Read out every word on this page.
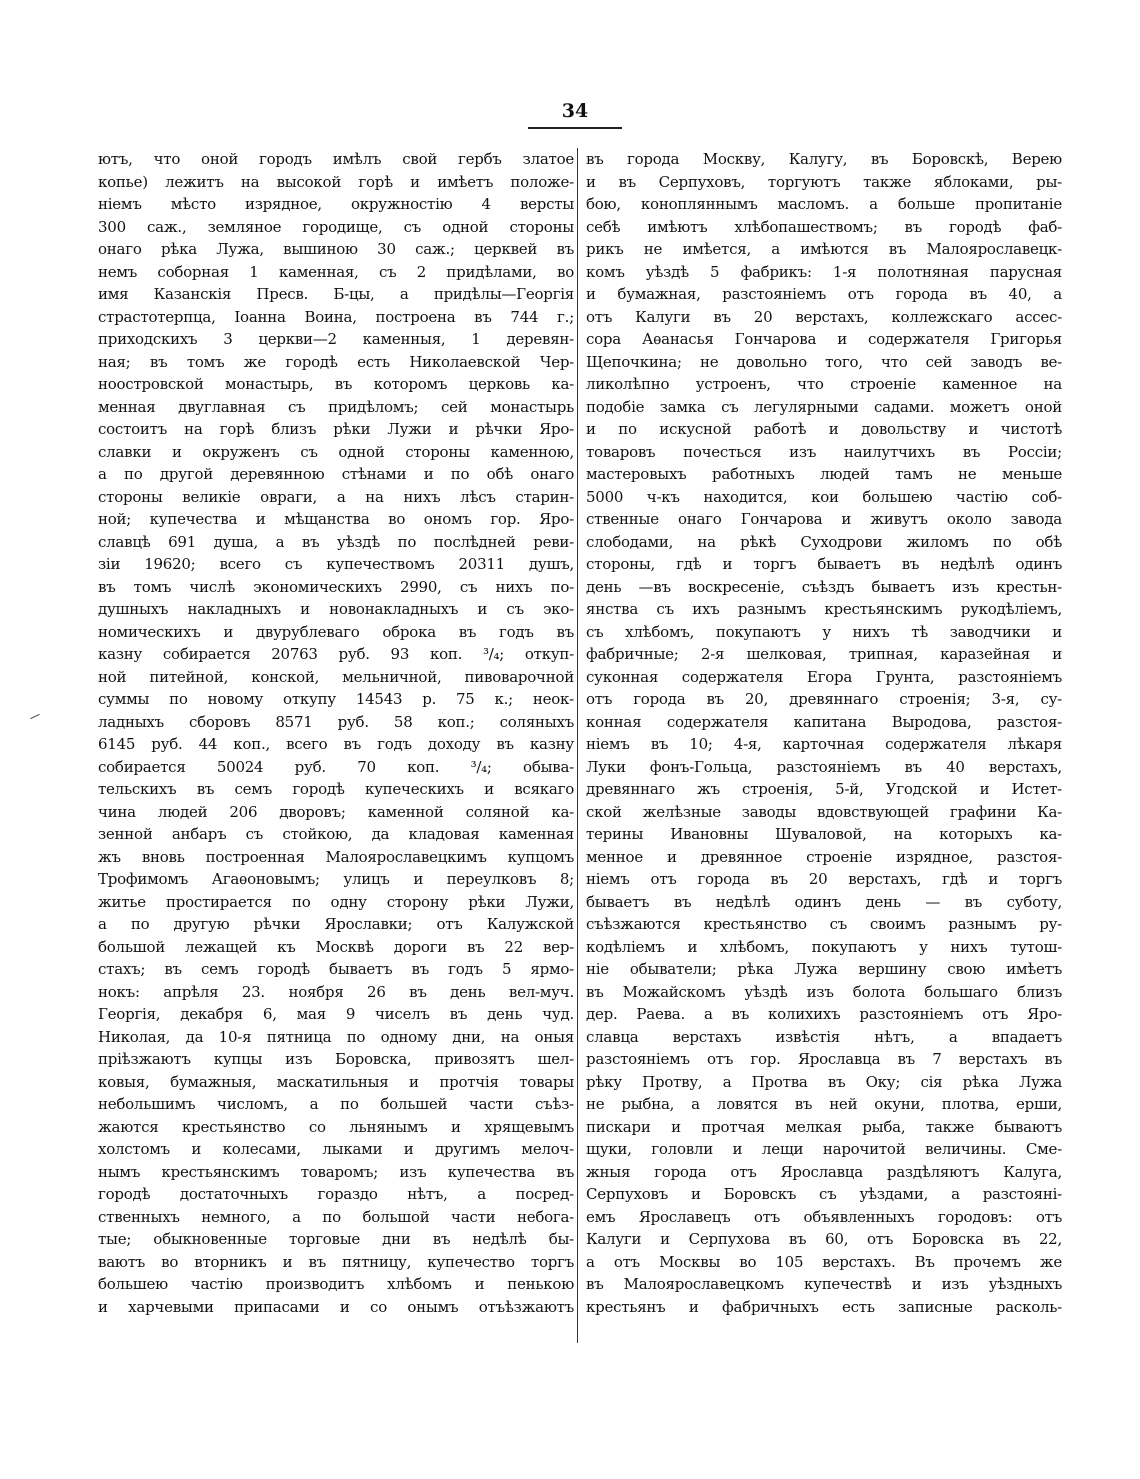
34
ютъ, что оной городъ имѣлъ свой гербъ златое
копье) лежитъ на высокой горѣ и имѣетъ положе-
ніемъ мѣсто изрядное, окружностію 4 версты
300 саж., земляное городище, съ одной стороны
онаго рѣка Лужа, вышиною 30 саж.; церквей въ
немъ соборная 1 каменная, съ 2 придѣлами, во
имя Казанскія Пресв. Б-цы, а придѣлы—Георгія
страстотерпца, Іоанна Воина, построена въ 744 г.;
приходскихъ 3 церкви—2 каменныя, 1 деревян-
ная; въ томъ же городѣ есть Николаевской Чер-
ноостровской монастырь, въ которомъ церковь ка-
менная двуглавная съ придѣломъ; сей монастырь
состоитъ на горѣ близъ рѣки Лужи и рѣчки Яро-
славки и окруженъ съ одной стороны каменною,
а по другой деревянною стѣнами и по обѣ онаго
стороны великіе овраги, а на нихъ лѣсъ старин-
ной; купечества и мѣщанства во ономъ гор. Яро-
славцѣ 691 душа, а въ уѣздѣ по послѣдней реви-
зіи 19620; всего съ купечествомъ 20311 душъ,
въ томъ числѣ экономическихъ 2990, съ нихъ по-
душныхъ накладныхъ и новонакладныхъ и съ эко-
номическихъ и двурублеваго оброка въ годъ въ
казну собирается 20763 руб. 93 коп. ³/₄; откуп-
ной питейной, конской, мельничной, пивоварочной
суммы по новому откупу 14543 р. 75 к.; неок-
ладныхъ сборовъ 8571 руб. 58 коп.; соляныхъ
6145 руб. 44 коп., всего въ годъ доходу въ казну
собирается 50024 руб. 70 коп. ³/₄; обыва-
тельскихъ въ семъ городѣ купеческихъ и всякаго
чина людей 206 дворовъ; каменной соляной ка-
зенной анбаръ съ стойкою, да кладовая каменная
жъ вновь построенная Малоярославецкимъ купцомъ
Трофимомъ Агаѳоновымъ; улицъ и переулковъ 8;
житье простирается по одну сторону рѣки Лужи,
а по другую рѣчки Ярославки; отъ Калужской
большой лежащей къ Москвѣ дороги въ 22 вер-
стахъ; въ семъ городѣ бываетъ въ годъ 5 ярмо-
нокъ: апрѣля 23. ноября 26 въ день вел-муч.
Георгія, декабря 6, мая 9 чиселъ въ день чуд.
Николая, да 10-я пятница по одному дни, на оныя
пріѣзжаютъ купцы изъ Боровска, привозятъ шел-
ковыя, бумажныя, маскатильныя и протчія товары
небольшимъ числомъ, а по большей части съѣз-
жаются крестьянство со льнянымъ и хрящевымъ
холстомъ и колесами, лыками и другимъ мелоч-
нымъ крестьянскимъ товаромъ; изъ купечества въ
городѣ достаточныхъ гораздо нѣтъ, а посред-
ственныхъ немного, а по большой части небога-
тые; обыкновенные торговые дни въ недѣлѣ бы-
ваютъ во вторникъ и въ пятницу, купечество торгъ
большею частію производитъ хлѣбомъ и пенькою
и харчевыми припасами и со онымъ отъѣзжаютъ
въ города Москву, Калугу, въ Боровскѣ, Верею
и въ Серпуховъ, торгуютъ также яблоками, ры-
бою, конопляннымъ масломъ. а больше пропитаніе
себѣ имѣютъ хлѣбопашествомъ; въ городѣ фаб-
рикъ не имѣется, а имѣются въ Малоярославецк-
комъ уѣздѣ 5 фабрикъ: 1-я полотняная парусная
и бумажная, разстояніемъ отъ города въ 40, а
отъ Калуги въ 20 верстахъ, коллежскаго ассес-
сора Аѳанасья Гончарова и содержателя Григорья
Щепочкина; не довольно того, что сей заводъ ве-
ликолѣпно устроенъ, что строеніе каменное на
подобіе замка съ легулярными садами. можетъ оной
и по искусной работѣ и довольству и чистотѣ
товаровъ почесться изъ наилутчихъ въ Россіи;
мастеровыхъ работныхъ людей тамъ не меньше
5000 ч-къ находится, кои большею частію соб-
ственные онаго Гончарова и живутъ около завода
слободами, на рѣкѣ Суходрови жиломъ по обѣ
стороны, гдѣ и торгъ бываетъ въ недѣлѣ одинъ
день —въ воскресеніе, съѣздъ бываетъ изъ крестьн-
янства съ ихъ разнымъ крестьянскимъ рукодѣліемъ,
съ хлѣбомъ, покупаютъ у нихъ тѣ заводчики и
фабричные; 2-я шелковая, трипная, каразейная и
суконная содержателя Егора Грунта, разстояніемъ
отъ города въ 20, древяннаго строенія; 3-я, су-
конная содержателя капитана Выродова, разстоя-
ніемъ въ 10; 4-я, карточная содержателя лѣкаря
Луки фонъ-Гольца, разстояніемъ въ 40 верстахъ,
древяннаго жъ строенія, 5-й, Угодской и Истет-
ской желѣзные заводы вдовствующей графини Ка-
терины Ивановны Шуваловой, на которыхъ ка-
менное и древянное строеніе изрядное, разстоя-
ніемъ отъ города въ 20 верстахъ, гдѣ и торгъ
бываетъ въ недѣлѣ одинъ день — въ суботу,
съѣзжаются крестьянство съ своимъ разнымъ ру-
кодѣліемъ и хлѣбомъ, покупаютъ у нихъ тутош-
ніе обыватели; рѣка Лужа вершину свою имѣетъ
въ Можайскомъ уѣздѣ изъ болота большаго близъ
дер. Раева. а въ колихихъ разстояніемъ отъ Яро-
славца верстахъ извѣстія нѣтъ, а впадаетъ
разстояніемъ отъ гор. Ярославца въ 7 верстахъ въ
рѣку Протву, а Протва въ Оку; сія рѣка Лужа
не рыбна, а ловятся въ ней окуни, плотва, ерши,
пискари и протчая мелкая рыба, также бываютъ
щуки, головли и лещи нарочитой величины. Сме-
жныя города отъ Ярославца раздѣляютъ Калуга,
Серпуховъ и Боровскъ съ уѣздами, а разстояні-
емъ Ярославецъ отъ объявленныхъ городовъ: отъ
Калуги и Серпухова въ 60, отъ Боровска въ 22,
а отъ Москвы во 105 верстахъ. Въ прочемъ же
въ Малоярославецкомъ купечествѣ и изъ уѣздныхъ
крестьянъ и фабричныхъ есть записные расколь-
